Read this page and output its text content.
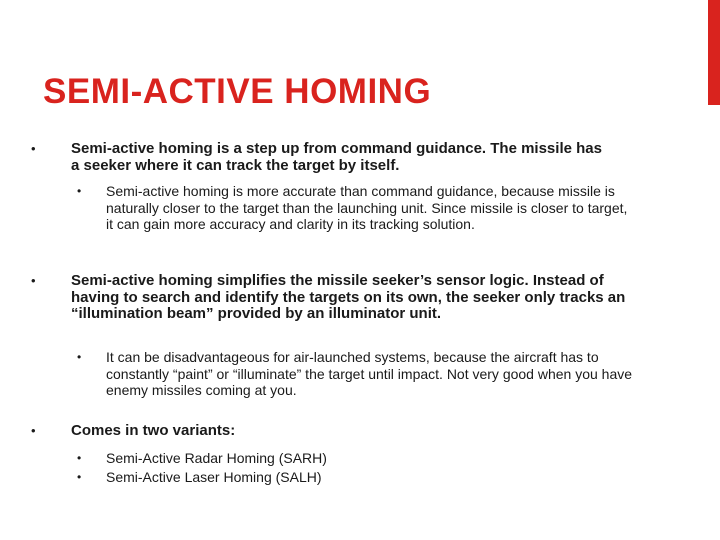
SEMI-ACTIVE HOMING
• Semi-active homing is a step up from command guidance. The missile has a seeker where it can track the target by itself.
• Semi-active homing is more accurate than command guidance, because missile is naturally closer to the target than the launching unit. Since missile is closer to target, it can gain more accuracy and clarity in its tracking solution.
• Semi-active homing simplifies the missile seeker’s sensor logic. Instead of having to search and identify the targets on its own, the seeker only tracks an “illumination beam” provided by an illuminator unit.
• It can be disadvantageous for air-launched systems, because the aircraft has to constantly “paint” or “illuminate” the target until impact. Not very good when you have enemy missiles coming at you.
• Comes in two variants:
• Semi-Active Radar Homing (SARH)
• Semi-Active Laser Homing (SALH)
